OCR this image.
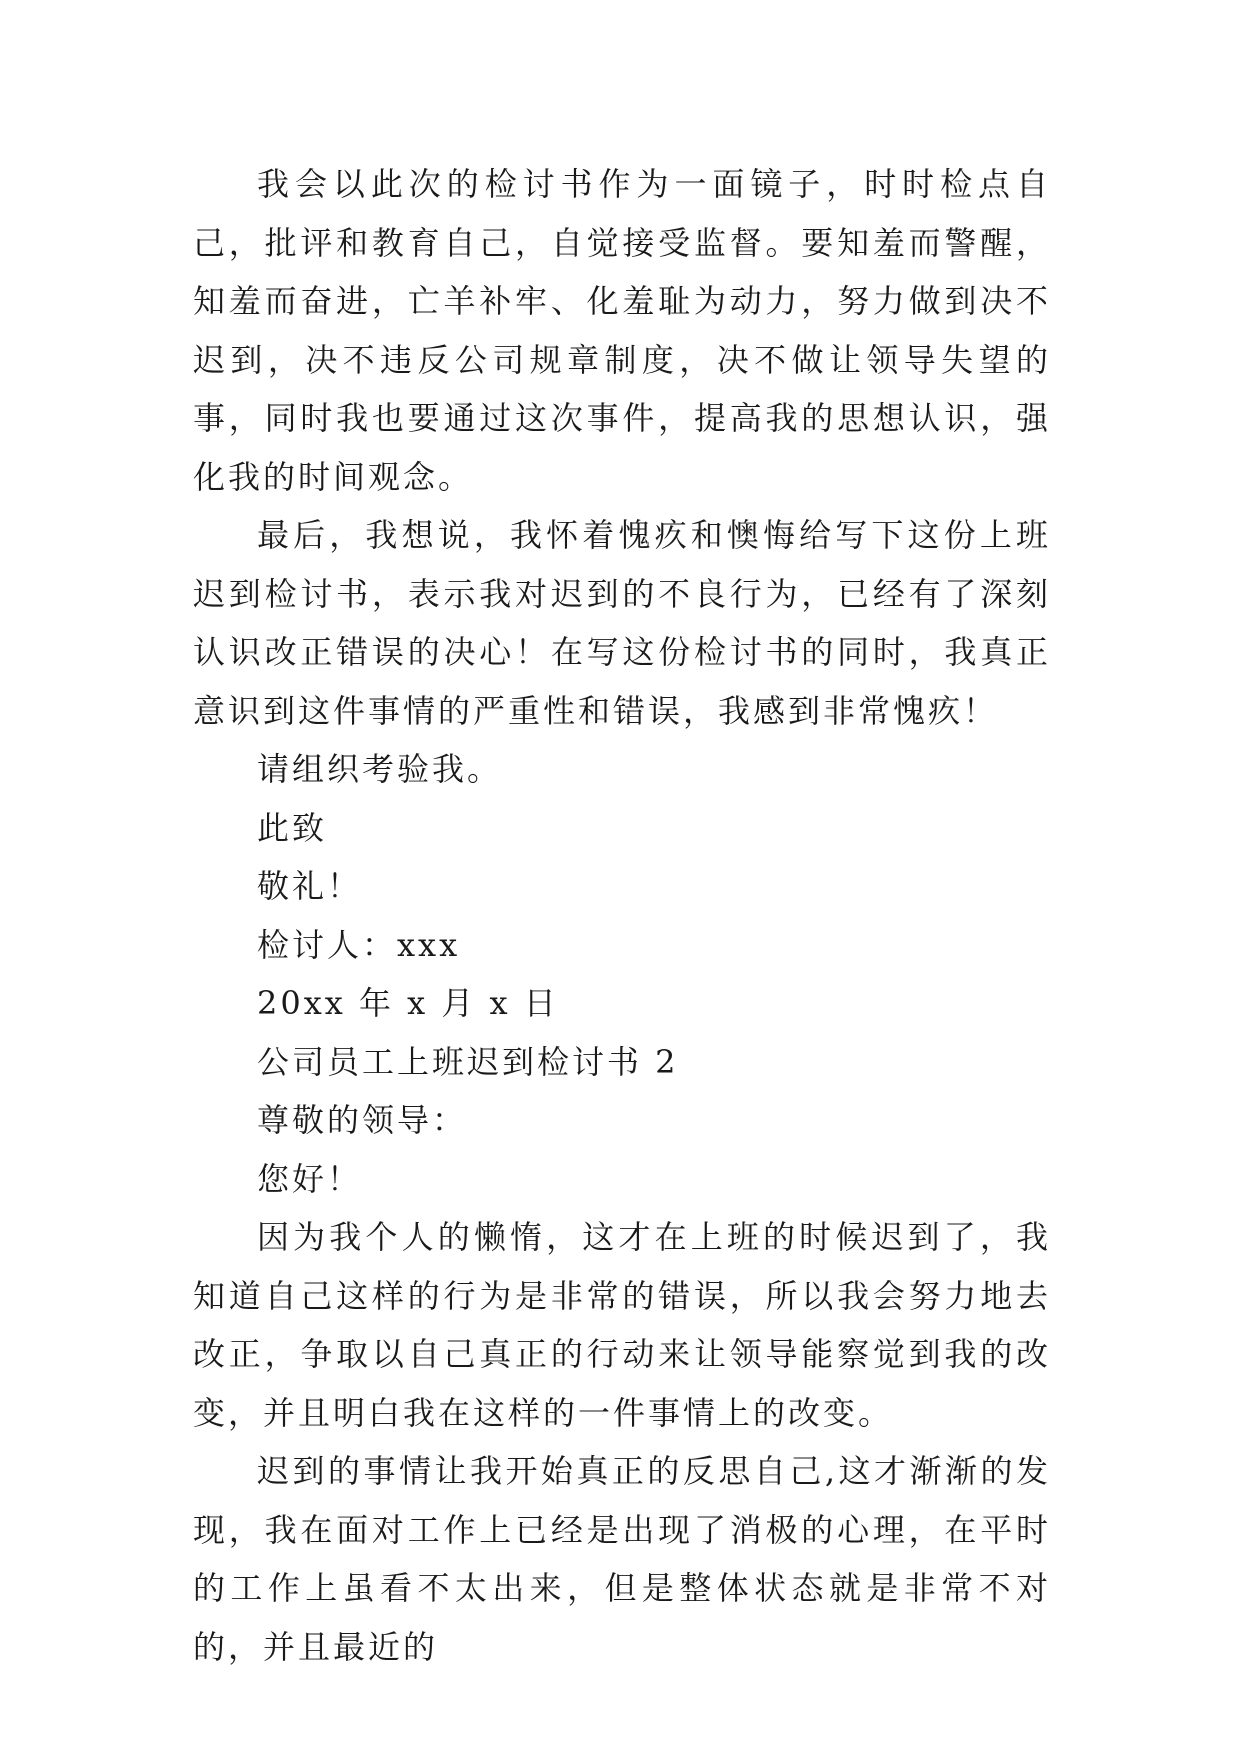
我会以此次的检讨书作为一面镜子，时时检点自己，批评和教育自己，自觉接受监督。要知羞而警醒，知羞而奋进，亡羊补牢、化羞耻为动力，努力做到决不迟到，决不违反公司规章制度，决不做让领导失望的事，同时我也要通过这次事件，提高我的思想认识，强化我的时间观念。

最后，我想说，我怀着愧疚和懊悔给写下这份上班迟到检讨书，表示我对迟到的不良行为，已经有了深刻认识改正错误的决心！在写这份检讨书的同时，我真正意识到这件事情的严重性和错误，我感到非常愧疚！

请组织考验我。

此致

敬礼！

检讨人：xxx

20xx 年 x 月 x 日

公司员工上班迟到检讨书 2

尊敬的领导：

您好！

因为我个人的懒惰，这才在上班的时候迟到了，我知道自己这样的行为是非常的错误，所以我会努力地去改正，争取以自己真正的行动来让领导能察觉到我的改变，并且明白我在这样的一件事情上的改变。

迟到的事情让我开始真正的反思自己,这才渐渐的发现，我在面对工作上已经是出现了消极的心理，在平时的工作上虽看不太出来，但是整体状态就是非常不对的，并且最近的
